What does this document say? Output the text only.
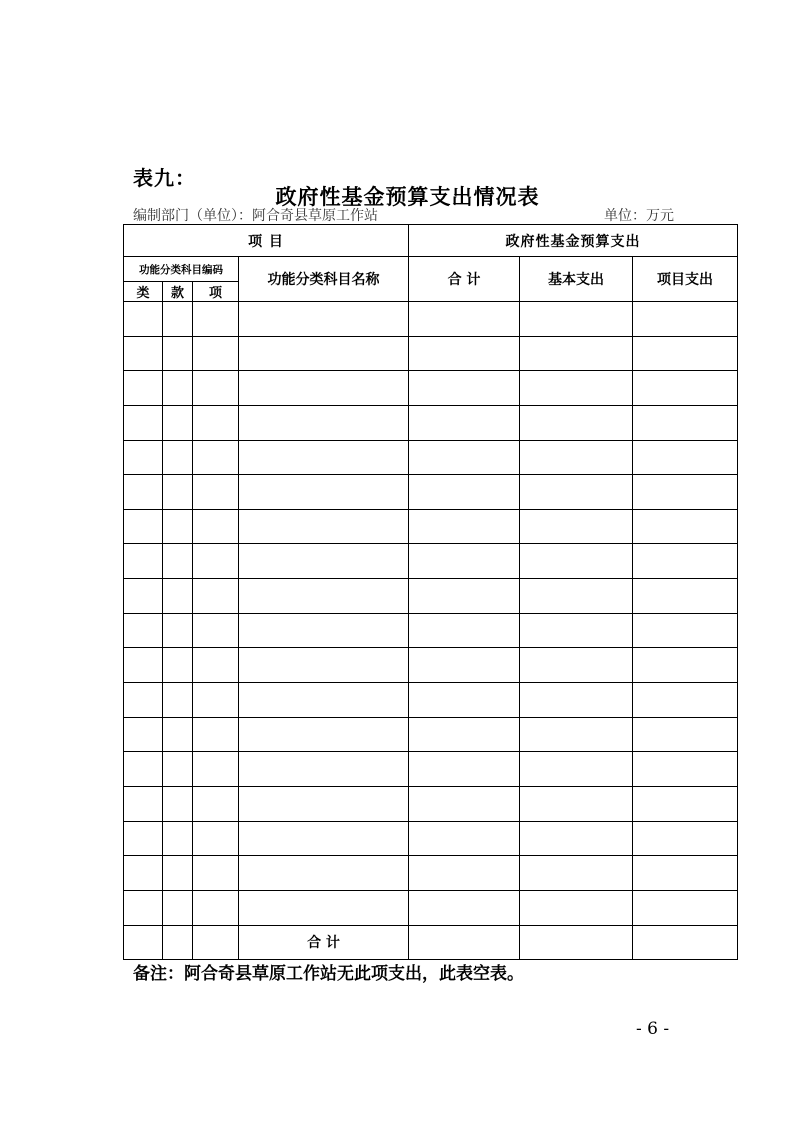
表九：
政府性基金预算支出情况表
编制部门（单位）：阿合奇县草原工作站	单位：万元
项 目				政府性基金预算支出		
功能分类科目编码			功能分类科目名称	合 计	基本支出	项目支出
类	款	项				

			合 计			
备注：阿合奇县草原工作站无此项支出，此表空表。
- 6 -
